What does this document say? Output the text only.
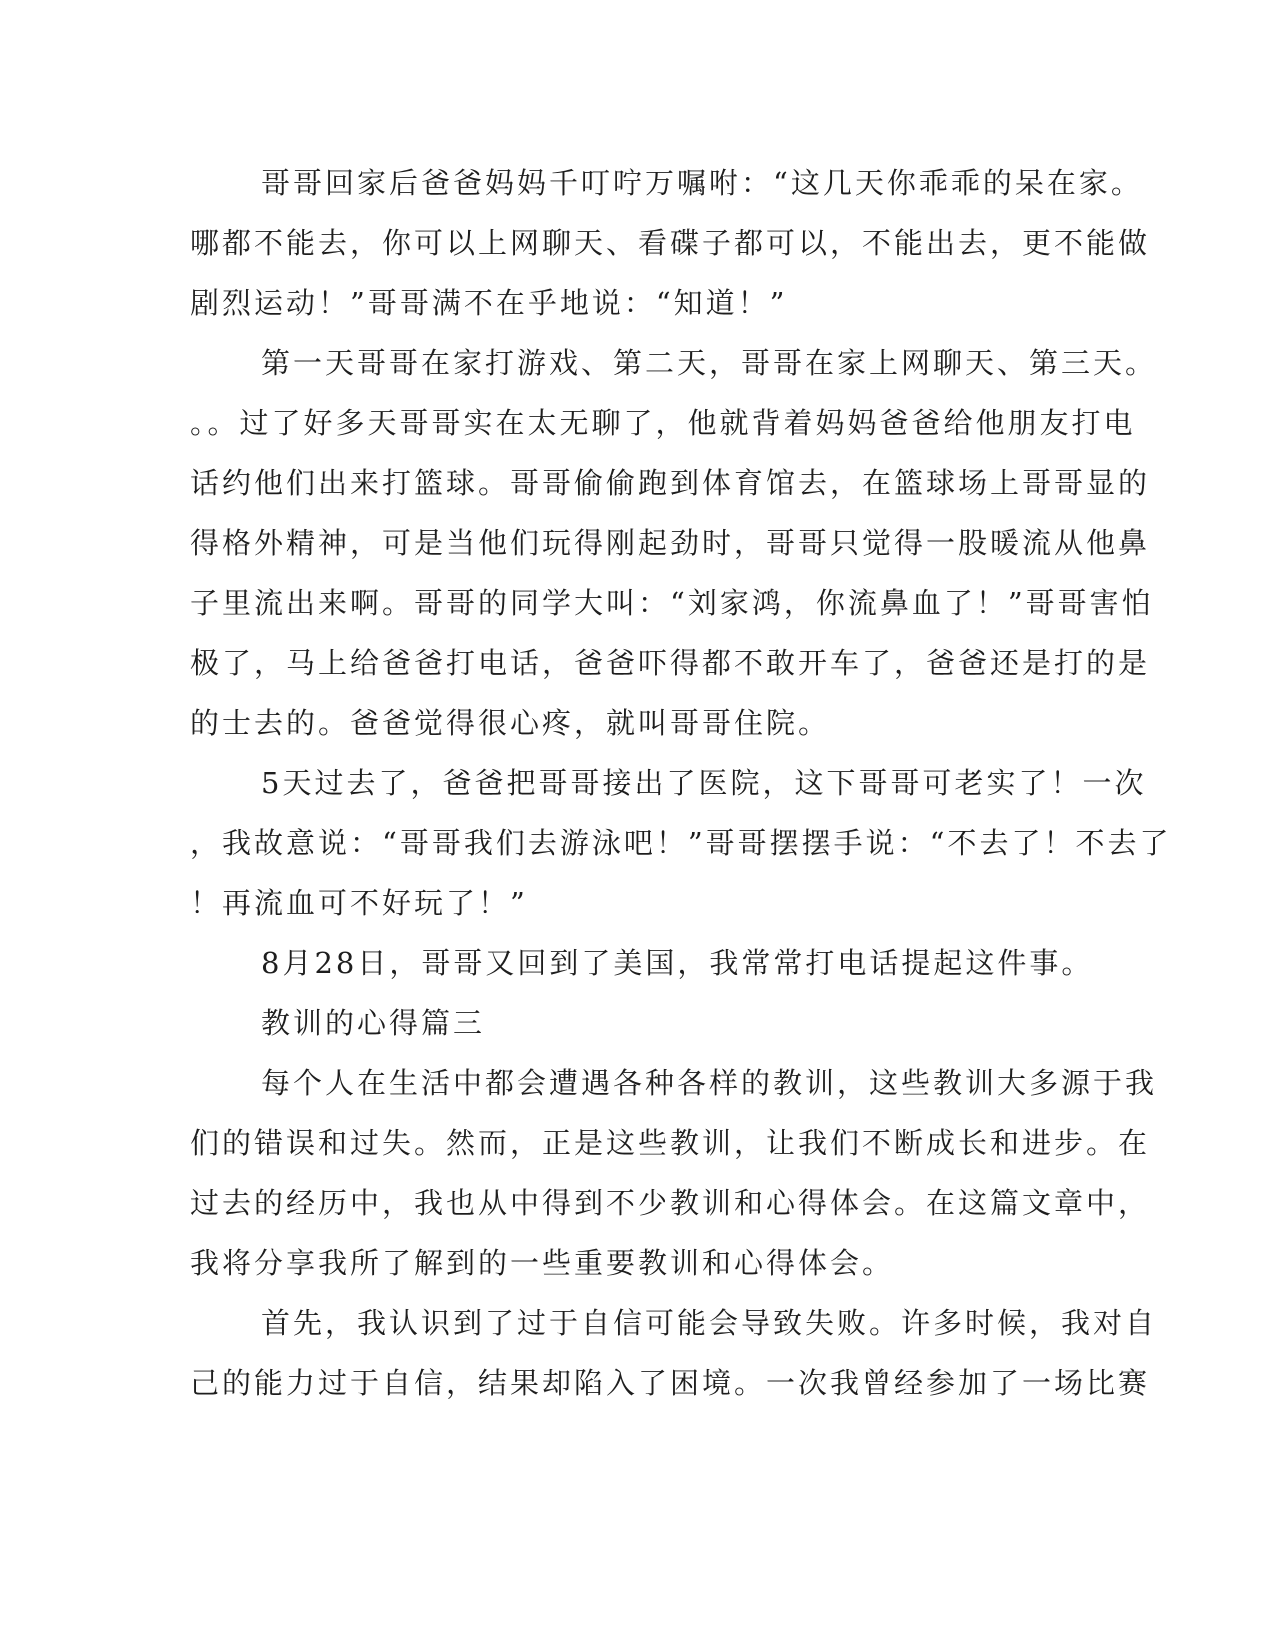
哥哥回家后爸爸妈妈千叮咛万嘱咐：“这几天你乖乖的呆在家。
哪都不能去，你可以上网聊天、看碟子都可以，不能出去，更不能做
剧烈运动！”哥哥满不在乎地说：“知道！”
第一天哥哥在家打游戏、第二天，哥哥在家上网聊天、第三天。
。。过了好多天哥哥实在太无聊了，他就背着妈妈爸爸给他朋友打电
话约他们出来打篮球。哥哥偷偷跑到体育馆去，在篮球场上哥哥显的
得格外精神，可是当他们玩得刚起劲时，哥哥只觉得一股暖流从他鼻
子里流出来啊。哥哥的同学大叫：“刘家鸿，你流鼻血了！”哥哥害怕
极了，马上给爸爸打电话，爸爸吓得都不敢开车了，爸爸还是打的是
的士去的。爸爸觉得很心疼，就叫哥哥住院。
5天过去了，爸爸把哥哥接出了医院，这下哥哥可老实了！一次
，我故意说：“哥哥我们去游泳吧！”哥哥摆摆手说：“不去了！不去了
！再流血可不好玩了！”
8月28日，哥哥又回到了美国，我常常打电话提起这件事。
教训的心得篇三
每个人在生活中都会遭遇各种各样的教训，这些教训大多源于我
们的错误和过失。然而，正是这些教训，让我们不断成长和进步。在
过去的经历中，我也从中得到不少教训和心得体会。在这篇文章中，
我将分享我所了解到的一些重要教训和心得体会。
首先，我认识到了过于自信可能会导致失败。许多时候，我对自
己的能力过于自信，结果却陷入了困境。一次我曾经参加了一场比赛
